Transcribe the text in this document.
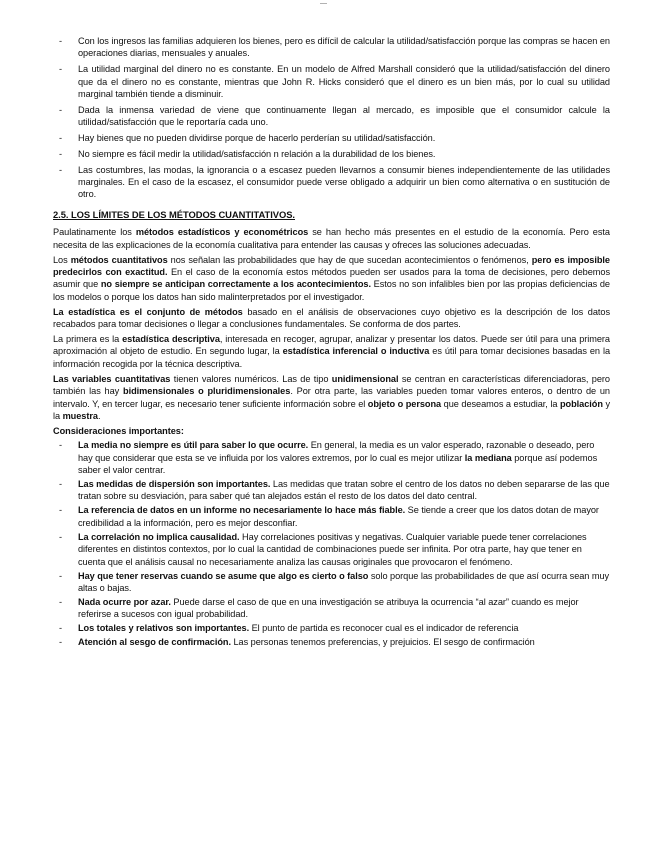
—
- Con los ingresos las familias adquieren los bienes, pero es difícil de calcular la utilidad/satisfacción porque las compras se hacen en operaciones diarias, mensuales y anuales.
- La utilidad marginal del dinero no es constante. En un modelo de Alfred Marshall consideró que la utilidad/satisfacción del dinero que da el dinero no es constante, mientras que John R. Hicks consideró que el dinero es un bien más, por lo cual su utilidad marginal también tiende a disminuir.
- Dada la inmensa variedad de viene que continuamente llegan al mercado, es imposible que el consumidor calcule la utilidad/satisfacción que le reportaría cada uno.
- Hay bienes que no pueden dividirse porque de hacerlo perderían su utilidad/satisfacción.
- No siempre es fácil medir la utilidad/satisfacción n relación a la durabilidad de los bienes.
- Las costumbres, las modas, la ignorancia o a escasez pueden llevarnos a consumir bienes independientemente de las utilidades marginales. En el caso de la escasez, el consumidor puede verse obligado a adquirir un bien como alternativa o en sustitución de otro.
2.5. LOS LÍMITES DE LOS MÉTODOS CUANTITATIVOS.

Paulatinamente los métodos estadísticos y econométricos se han hecho más presentes en el estudio de la economía. Pero esta necesita de las explicaciones de la economía cualitativa para entender las causas y ofreces las soluciones adecuadas.

Los métodos cuantitativos nos señalan las probabilidades que hay de que sucedan acontecimientos o fenómenos, pero es imposible predecirlos con exactitud. En el caso de la economía estos métodos pueden ser usados para la toma de decisiones, pero debemos asumir que no siempre se anticipan correctamente a los acontecimientos. Estos no son infalibles bien por las propias deficiencias de los modelos o porque los datos han sido malinterpretados por el investigador.

La estadística es el conjunto de métodos basado en el análisis de observaciones cuyo objetivo es la descripción de los datos recabados para tomar decisiones o llegar a conclusiones fundamentales. Se conforma de dos partes.

La primera es la estadística descriptiva, interesada en recoger, agrupar, analizar y presentar los datos. Puede ser útil para una primera aproximación al objeto de estudio. En segundo lugar, la estadística inferencial o inductiva es útil para tomar decisiones basadas en la información recogida por la técnica descriptiva.

Las variables cuantitativas tienen valores numéricos. Las de tipo unidimensional se centran en características diferenciadoras, pero también las hay bidimensionales o pluridimensionales. Por otra parte, las variables pueden tomar valores enteros, o dentro de un intervalo. Y, en tercer lugar, es necesario tener suficiente información sobre el objeto o persona que deseamos a estudiar, la población y la muestra.

Consideraciones importantes:

- La media no siempre es útil para saber lo que ocurre. En general, la media es un valor esperado, razonable o deseado, pero hay que considerar que esta se ve influida por los valores extremos, por lo cual es mejor utilizar la mediana porque así podemos saber el valor centrar.
- Las medidas de dispersión son importantes. Las medidas que tratan sobre el centro de los datos no deben separarse de las que tratan sobre su desviación, para saber qué tan alejados están el resto de los datos del dato central.
- La referencia de datos en un informe no necesariamente lo hace más fiable. Se tiende a creer que los datos dotan de mayor credibilidad a la información, pero es mejor desconfiar.
- La correlación no implica causalidad. Hay correlaciones positivas y negativas. Cualquier variable puede tener correlaciones diferentes en distintos contextos, por lo cual la cantidad de combinaciones puede ser infinita. Por otra parte, hay que tener en cuenta que el análisis causal no necesariamente analiza las causas originales que provocaron el fenómeno.
- Hay que tener reservas cuando se asume que algo es cierto o falso solo porque las probabilidades de que así ocurra sean muy altas o bajas.
- Nada ocurre por azar. Puede darse el caso de que en una investigación se atribuya la ocurrencia “al azar” cuando es mejor referirse a sucesos con igual probabilidad.
- Los totales y relativos son importantes. El punto de partida es reconocer cual es el indicador de referencia
- Atención al sesgo de confirmación. Las personas tenemos preferencias, y prejuicios. El sesgo de confirmación
